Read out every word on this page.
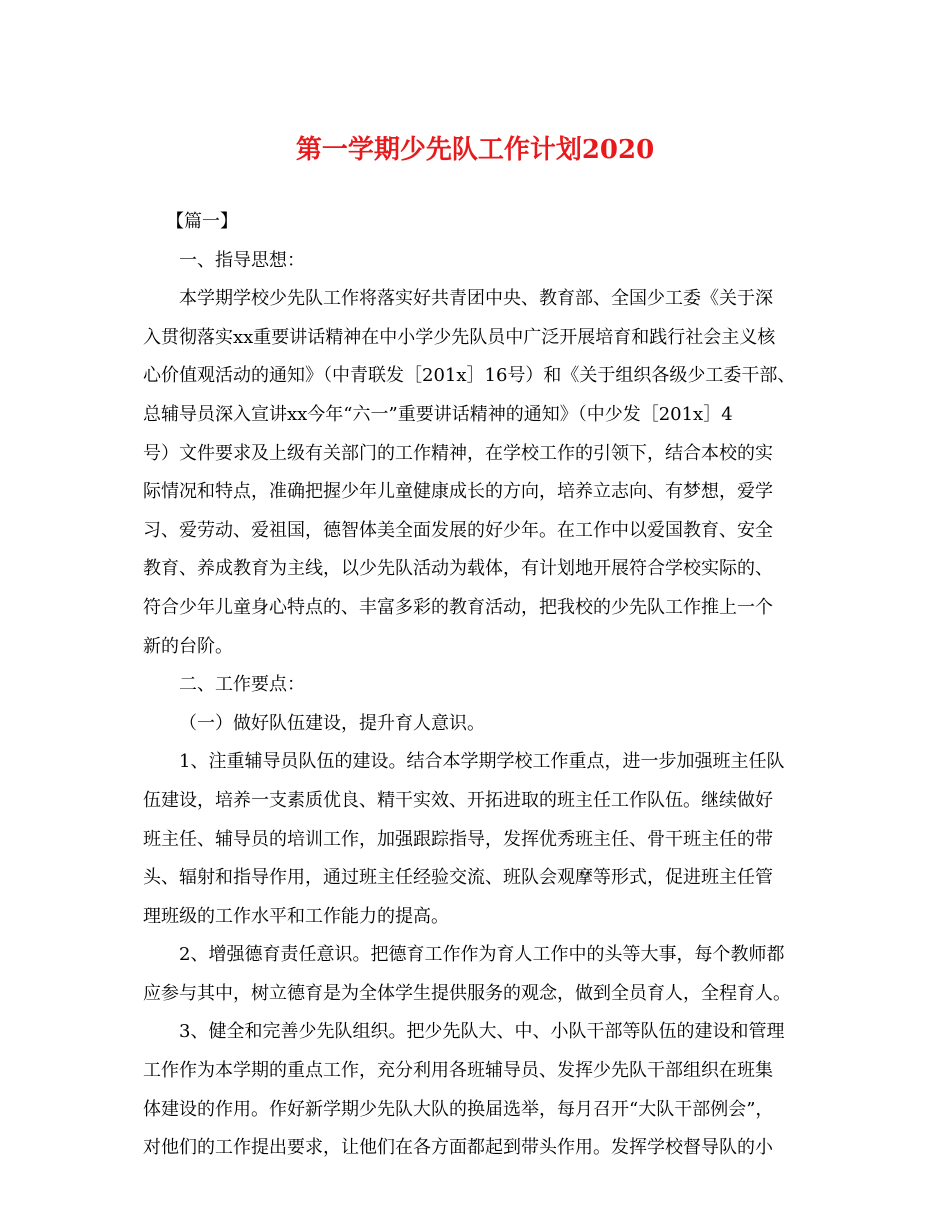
第一学期少先队工作计划2020
【篇一】
一、指导思想：
本学期学校少先队工作将落实好共青团中央、教育部、全国少工委《关于深
入贯彻落实xx重要讲话精神在中小学少先队员中广泛开展培育和践行社会主义核
心价值观活动的通知》（中青联发［201x］16号）和《关于组织各级少工委干部、
总辅导员深入宣讲xx今年“六一”重要讲话精神的通知》（中少发［201x］4
号）文件要求及上级有关部门的工作精神，在学校工作的引领下，结合本校的实
际情况和特点，准确把握少年儿童健康成长的方向，培养立志向、有梦想，爱学
习、爱劳动、爱祖国，德智体美全面发展的好少年。在工作中以爱国教育、安全
教育、养成教育为主线，以少先队活动为载体，有计划地开展符合学校实际的、
符合少年儿童身心特点的、丰富多彩的教育活动，把我校的少先队工作推上一个
新的台阶。
二、工作要点：
（一）做好队伍建设，提升育人意识。
1、注重辅导员队伍的建设。结合本学期学校工作重点，进一步加强班主任队
伍建设，培养一支素质优良、精干实效、开拓进取的班主任工作队伍。继续做好
班主任、辅导员的培训工作，加强跟踪指导，发挥优秀班主任、骨干班主任的带
头、辐射和指导作用，通过班主任经验交流、班队会观摩等形式，促进班主任管
理班级的工作水平和工作能力的提高。
2、增强德育责任意识。把德育工作作为育人工作中的头等大事，每个教师都
应参与其中，树立德育是为全体学生提供服务的观念，做到全员育人，全程育人。
3、健全和完善少先队组织。把少先队大、中、小队干部等队伍的建设和管理
工作作为本学期的重点工作，充分利用各班辅导员、发挥少先队干部组织在班集
体建设的作用。作好新学期少先队大队的换届选举，每月召开“大队干部例会”，
对他们的工作提出要求，让他们在各方面都起到带头作用。发挥学校督导队的小
